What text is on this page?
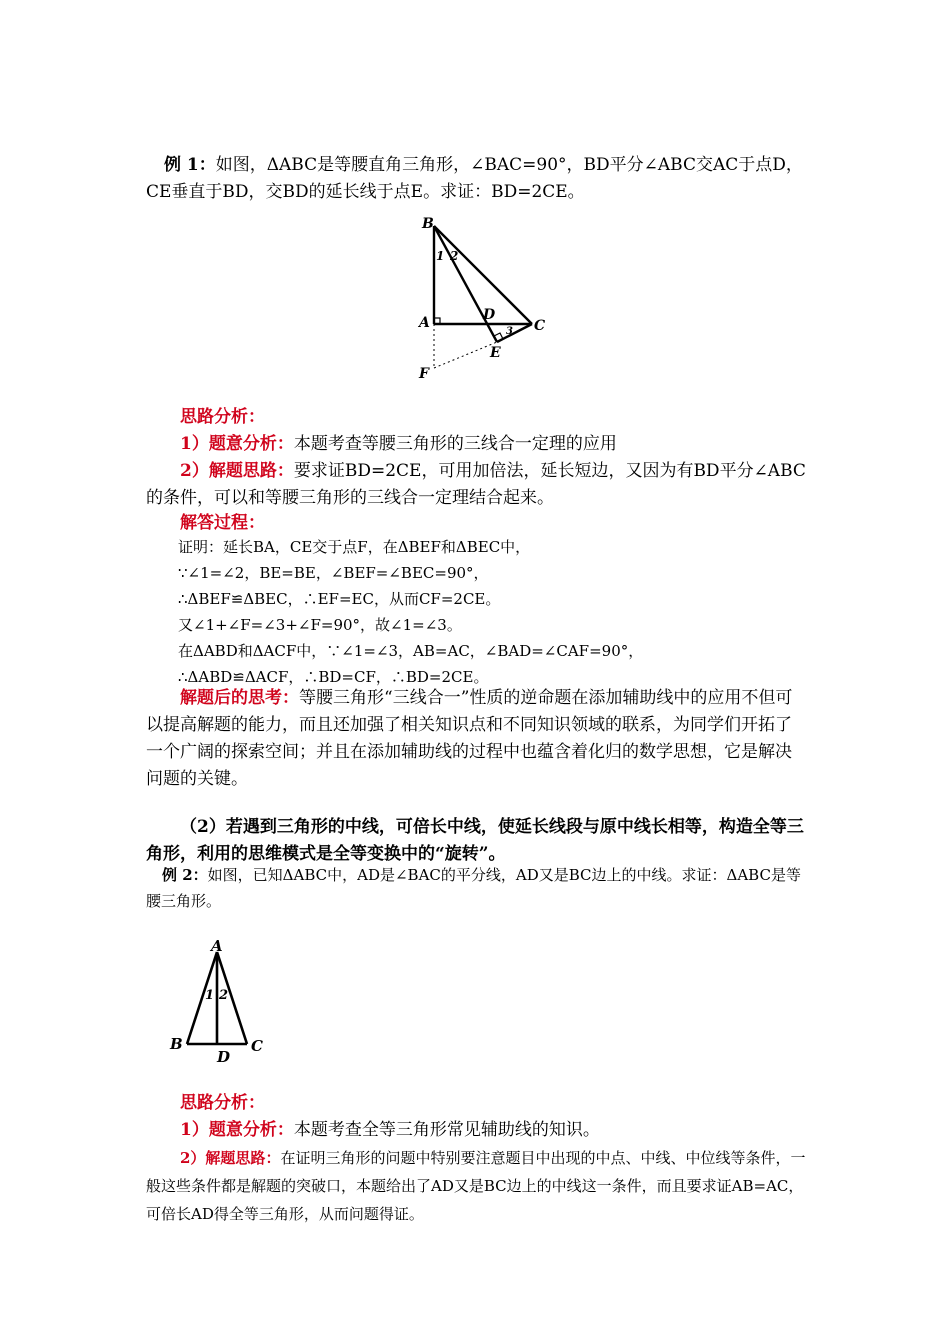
例 1：如图，ΔABC是等腰直角三角形，∠BAC=90°，BD平分∠ABC交AC于点D，CE垂直于BD，交BD的延长线于点E。求证：BD=2CE。
B
1 2
A	D
3 C
E
F
思路分析：
1）题意分析：本题考查等腰三角形的三线合一定理的应用
2）解题思路：要求证BD=2CE，可用加倍法，延长短边，又因为有BD平分∠ABC的条件，可以和等腰三角形的三线合一定理结合起来。
解答过程：
证明：延长BA，CE交于点F，在ΔBEF和ΔBEC中，
∵∠1=∠2，BE=BE，∠BEF=∠BEC=90°，
∴ΔBEF≌ΔBEC，∴EF=EC，从而CF=2CE。
又∠1+∠F=∠3+∠F=90°，故∠1=∠3。
在ΔABD和ΔACF中，∵∠1=∠3，AB=AC，∠BAD=∠CAF=90°，
∴ΔABD≌ΔACF，∴BD=CF，∴BD=2CE。
解题后的思考：等腰三角形“三线合一”性质的逆命题在添加辅助线中的应用不但可以提高解题的能力，而且还加强了相关知识点和不同知识领域的联系，为同学们开拓了一个广阔的探索空间；并且在添加辅助线的过程中也蕴含着化归的数学思想，它是解决问题的关键。
（2）若遇到三角形的中线，可倍长中线，使延长线段与原中线长相等，构造全等三角形，利用的思维模式是全等变换中的“旋转”。
例 2：如图，已知ΔABC中，AD是∠BAC的平分线，AD又是BC边上的中线。求证：ΔABC是等腰三角形。
A
1 2
B
D
C
思路分析：
1）题意分析：本题考查全等三角形常见辅助线的知识。
2）解题思路：在证明三角形的问题中特别要注意题目中出现的中点、中线、中位线等条件，一般这些条件都是解题的突破口，本题给出了AD又是BC边上的中线这一条件，而且要求证AB=AC，可倍长AD得全等三角形，从而问题得证。
